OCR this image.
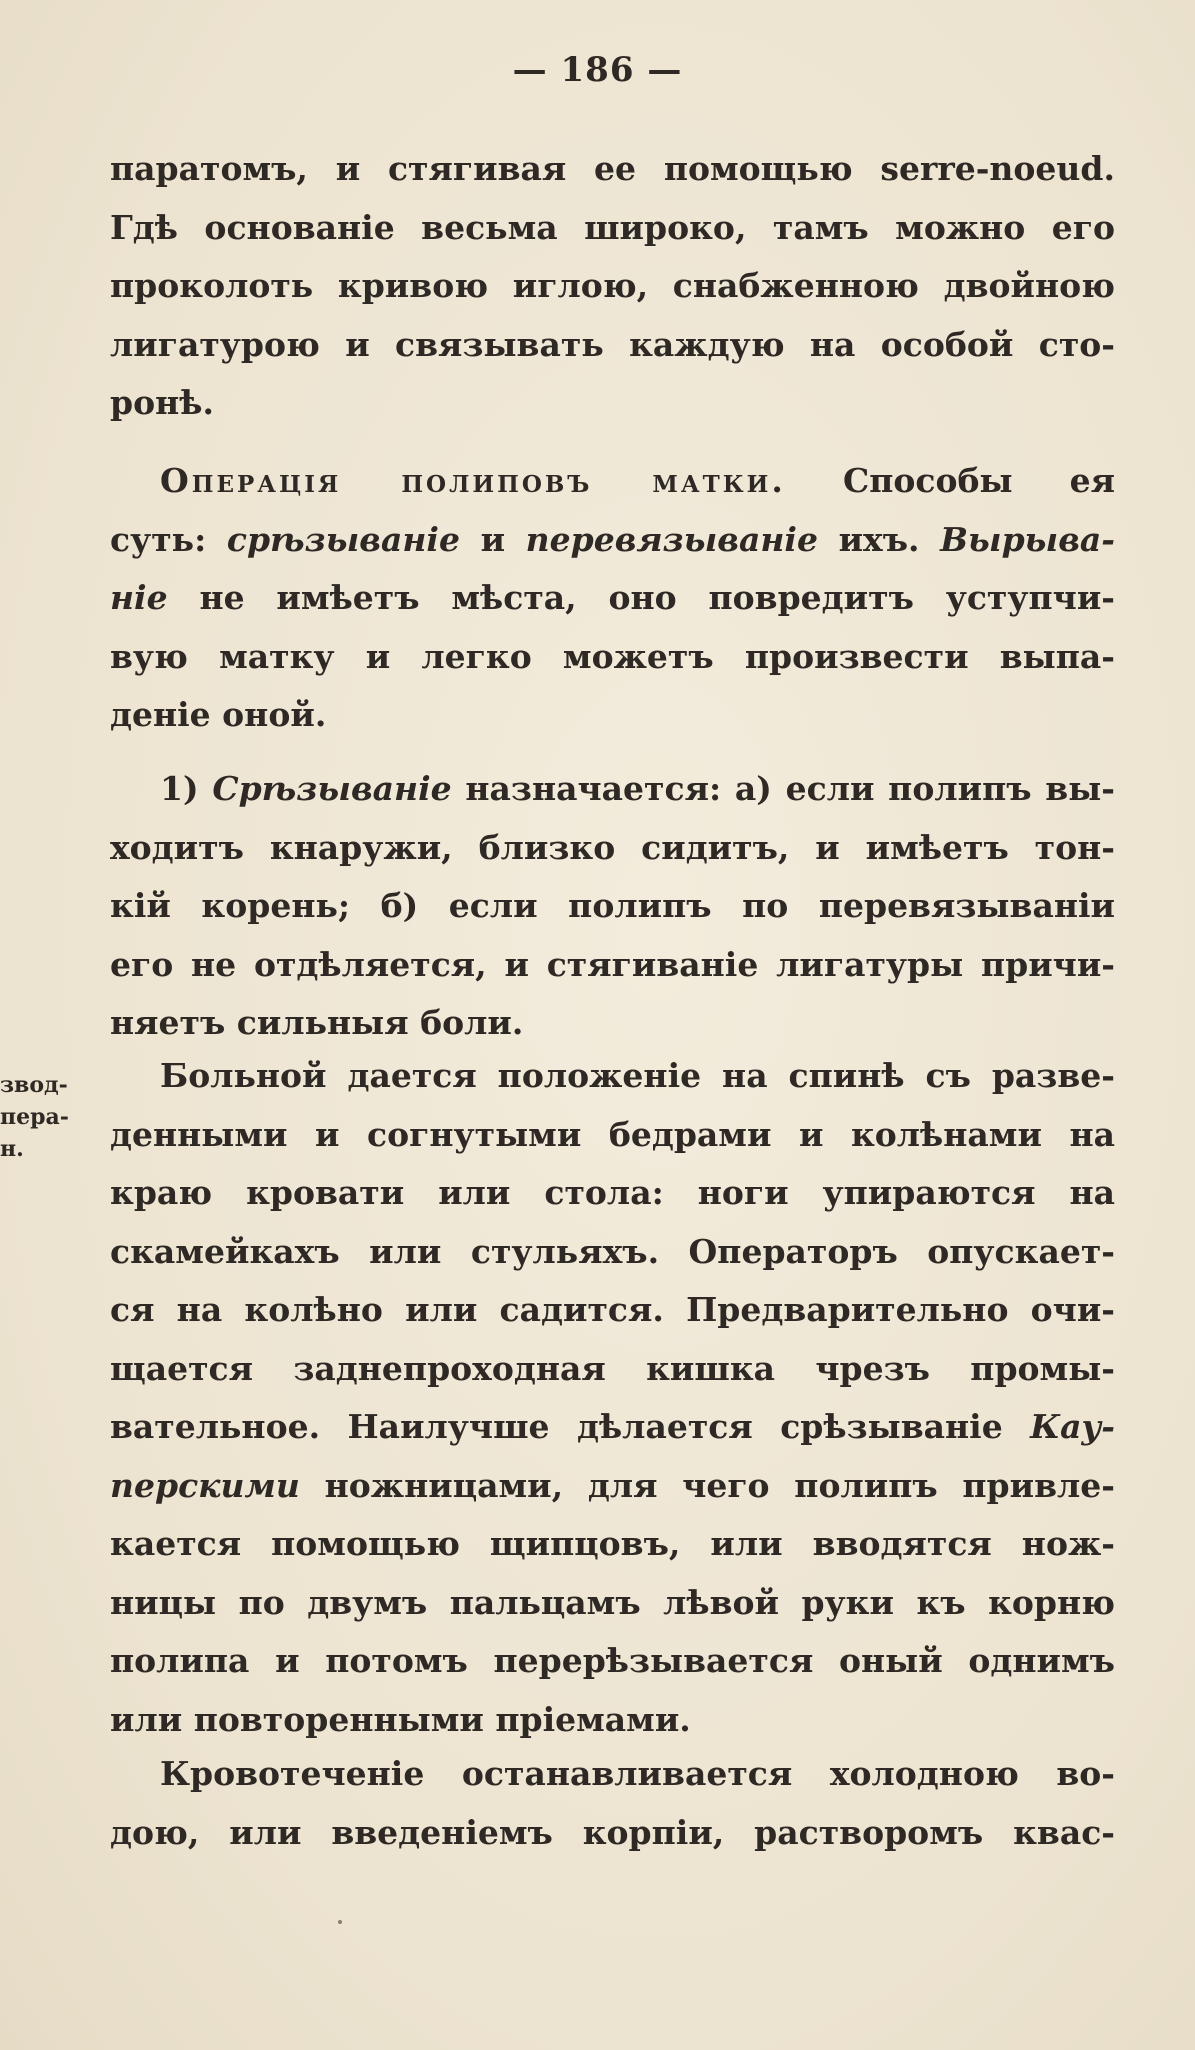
— 186 —
звод-
пера-
н.
паратомъ, и стягивая ее помощью serre-noeud.
Гдѣ основаніе весьма широко, тамъ можно его
проколоть кривою иглою, снабженною двойною
лигатурою и связывать каждую на особой сто-
ронѣ.
Операція полиповъ матки. Способы ея
суть: срѣзываніе и перевязываніе ихъ. Вырыва-
ніе не имѣетъ мѣста, оно повредитъ уступчи-
вую матку и легко можетъ произвести выпа-
деніе оной.
1) Срѣзываніе назначается: а) если полипъ вы-
ходитъ кнаружи, близко сидитъ, и имѣетъ тон-
кій корень; б) если полипъ по перевязываніи
его не отдѣляется, и стягиваніе лигатуры причи-
няетъ сильныя боли.
Больной дается положеніе на спинѣ съ разве-
денными и согнутыми бедрами и колѣнами на
краю кровати или стола: ноги упираются на
скамейкахъ или стульяхъ. Операторъ опускает-
ся на колѣно или садится. Предварительно очи-
щается заднепроходная кишка чрезъ промы-
вательное. Наилучше дѣлается срѣзываніе Кау-
перскими ножницами, для чего полипъ привле-
кается помощью щипцовъ, или вводятся нож-
ницы по двумъ пальцамъ лѣвой руки къ корню
полипа и потомъ перерѣзывается оный однимъ
или повторенными пріемами.
Кровотеченіе останавливается холодною во-
дою, или введеніемъ корпіи, растворомъ квас-
